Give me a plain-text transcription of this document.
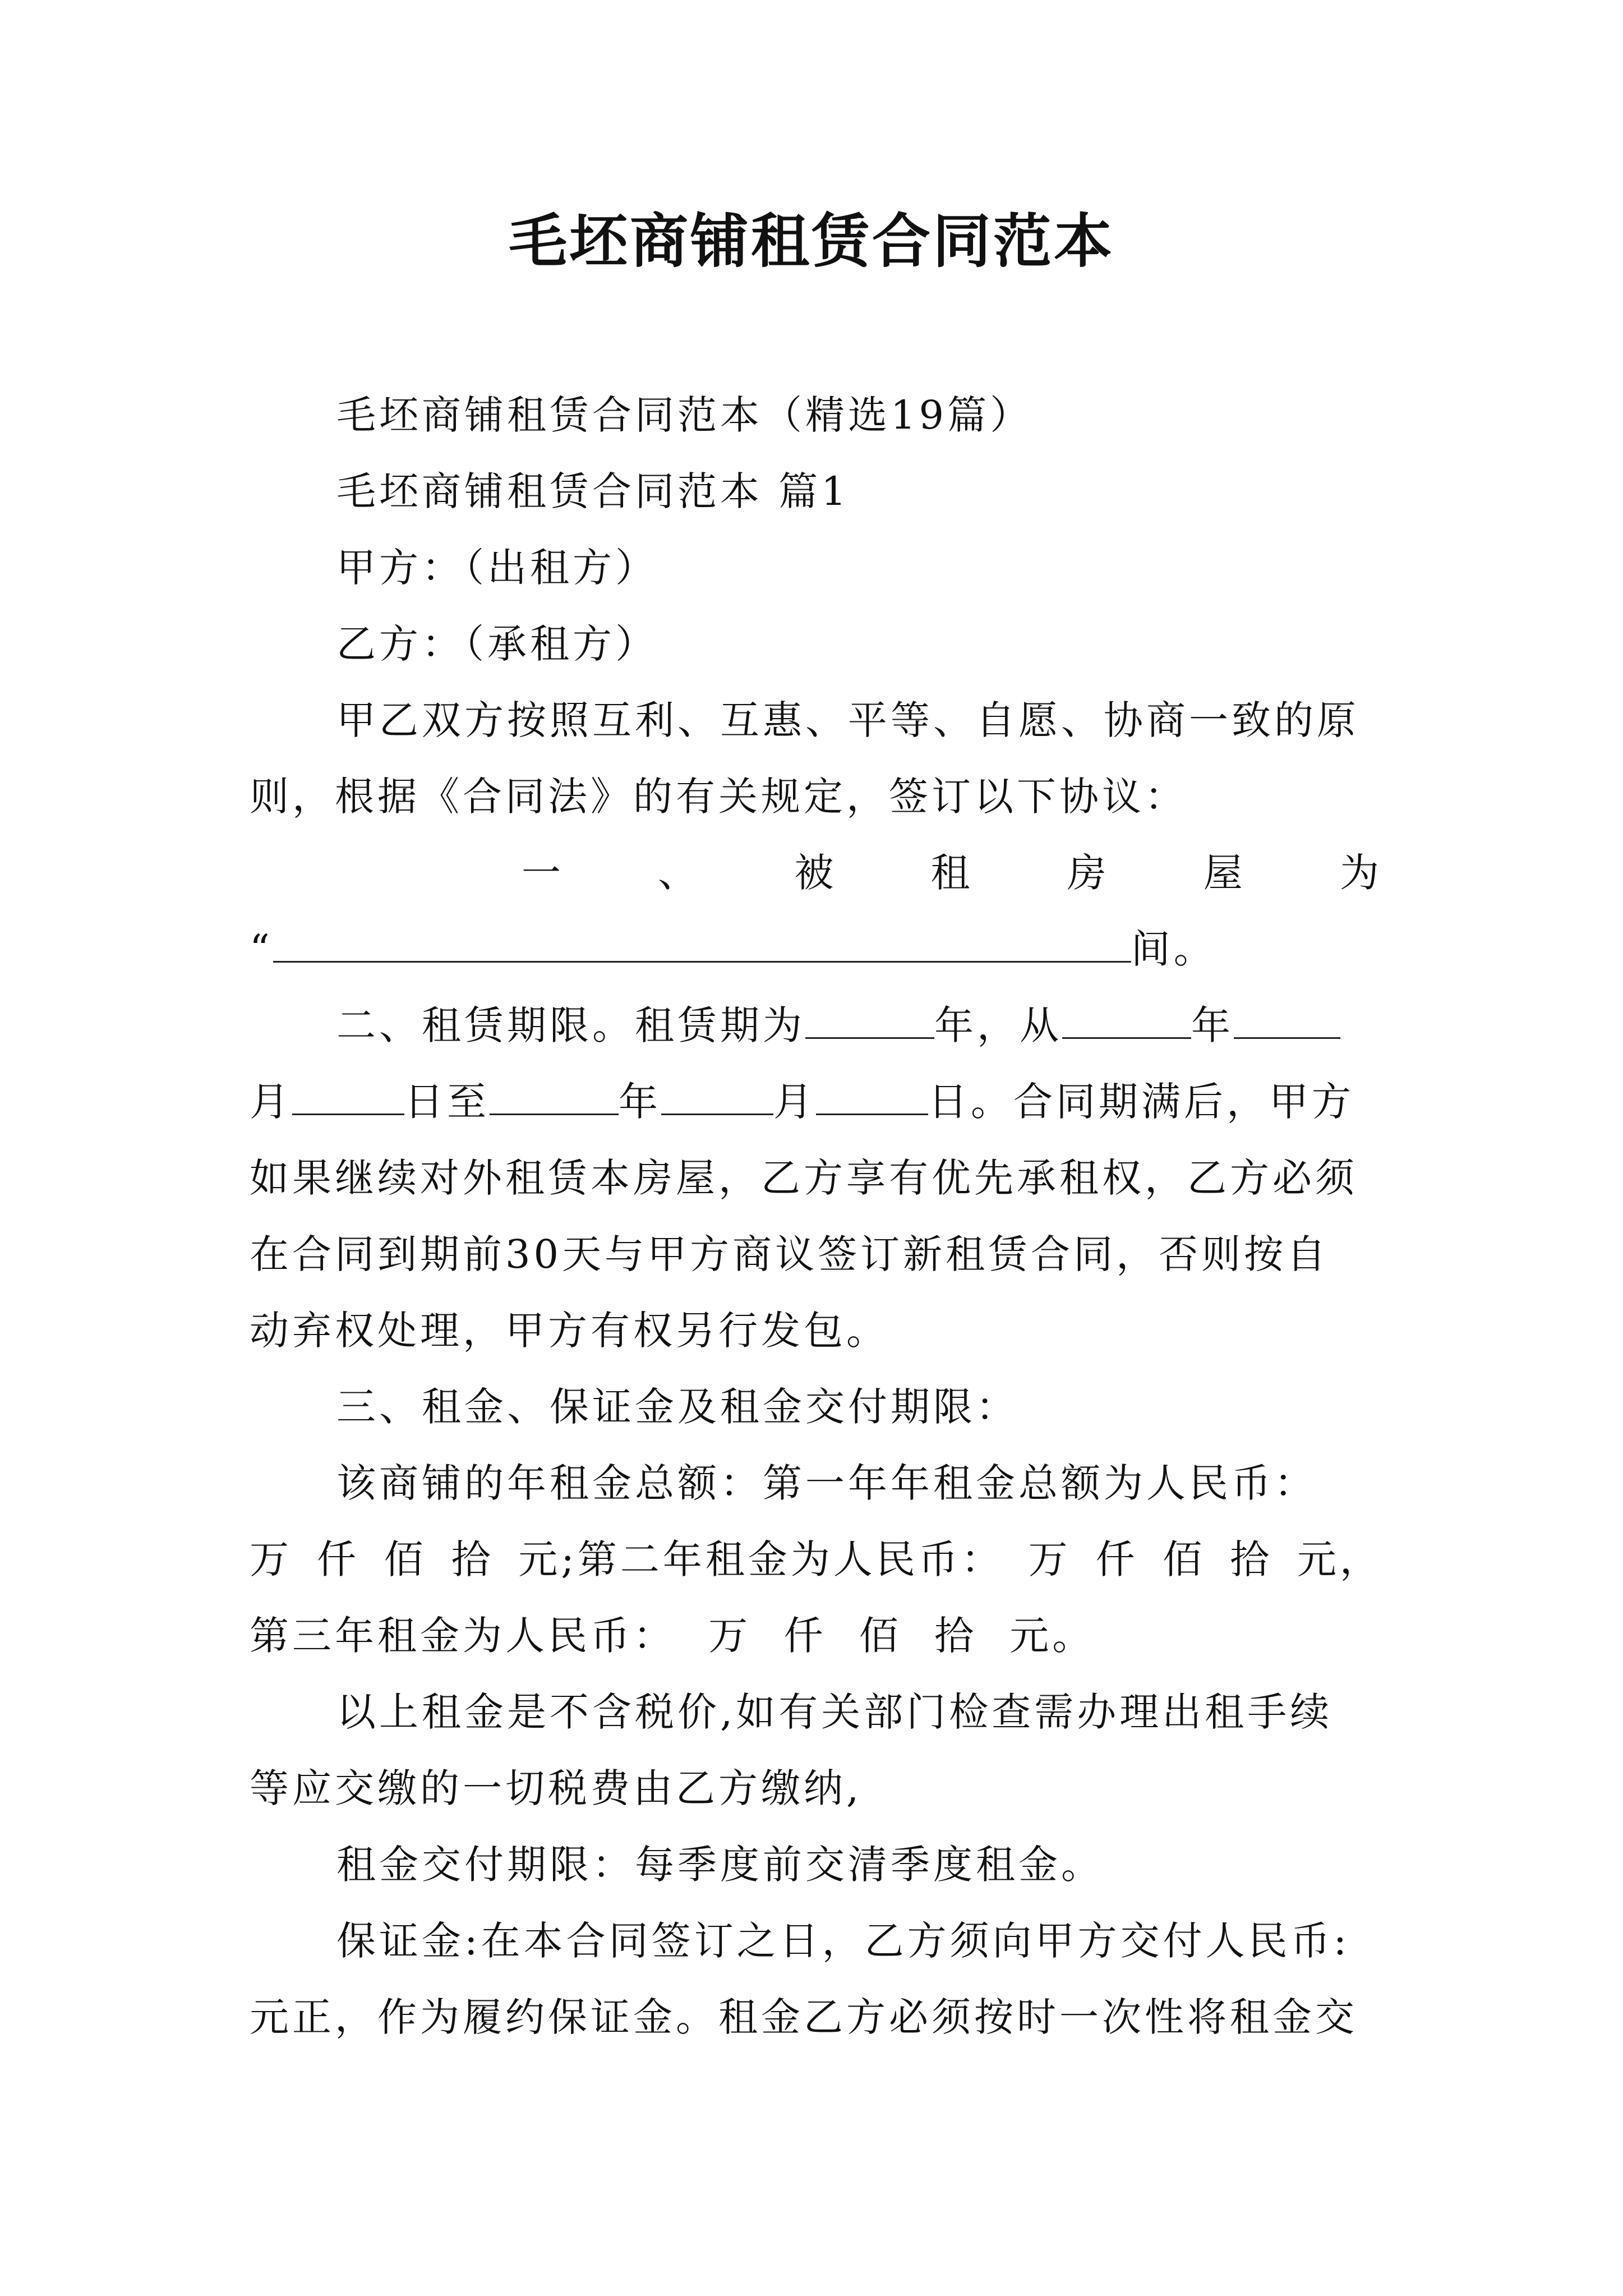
毛坯商铺租赁合同范本
毛坯商铺租赁合同范本（精选19篇）
毛坯商铺租赁合同范本 篇1
甲方：（出租方）
乙方：（承租方）
甲乙双方按照互利、互惠、平等、自愿、协商一致的原
则，根据《合同法》的有关规定，签订以下协议：
一 、 被 租 房 屋 为
“	间。
二、租赁期限。租赁期为	年，从	年
月	日至	年	月	日。合同期满后，甲方
如果继续对外租赁本房屋，乙方享有优先承租权，乙方必须
在合同到期前30天与甲方商议签订新租赁合同，否则按自
动弃权处理，甲方有权另行发包。
三、租金、保证金及租金交付期限：
该商铺的年租金总额：第一年年租金总额为人民币：
万 仟 佰 拾 元;第二年租金为人民币： 万 仟 佰 拾 元，
第三年租金为人民币： 万 仟 佰 拾 元。
以上租金是不含税价,如有关部门检查需办理出租手续
等应交缴的一切税费由乙方缴纳,
租金交付期限：每季度前交清季度租金。
保证金:在本合同签订之日，乙方须向甲方交付人民币:
元正，作为履约保证金。租金乙方必须按时一次性将租金交
